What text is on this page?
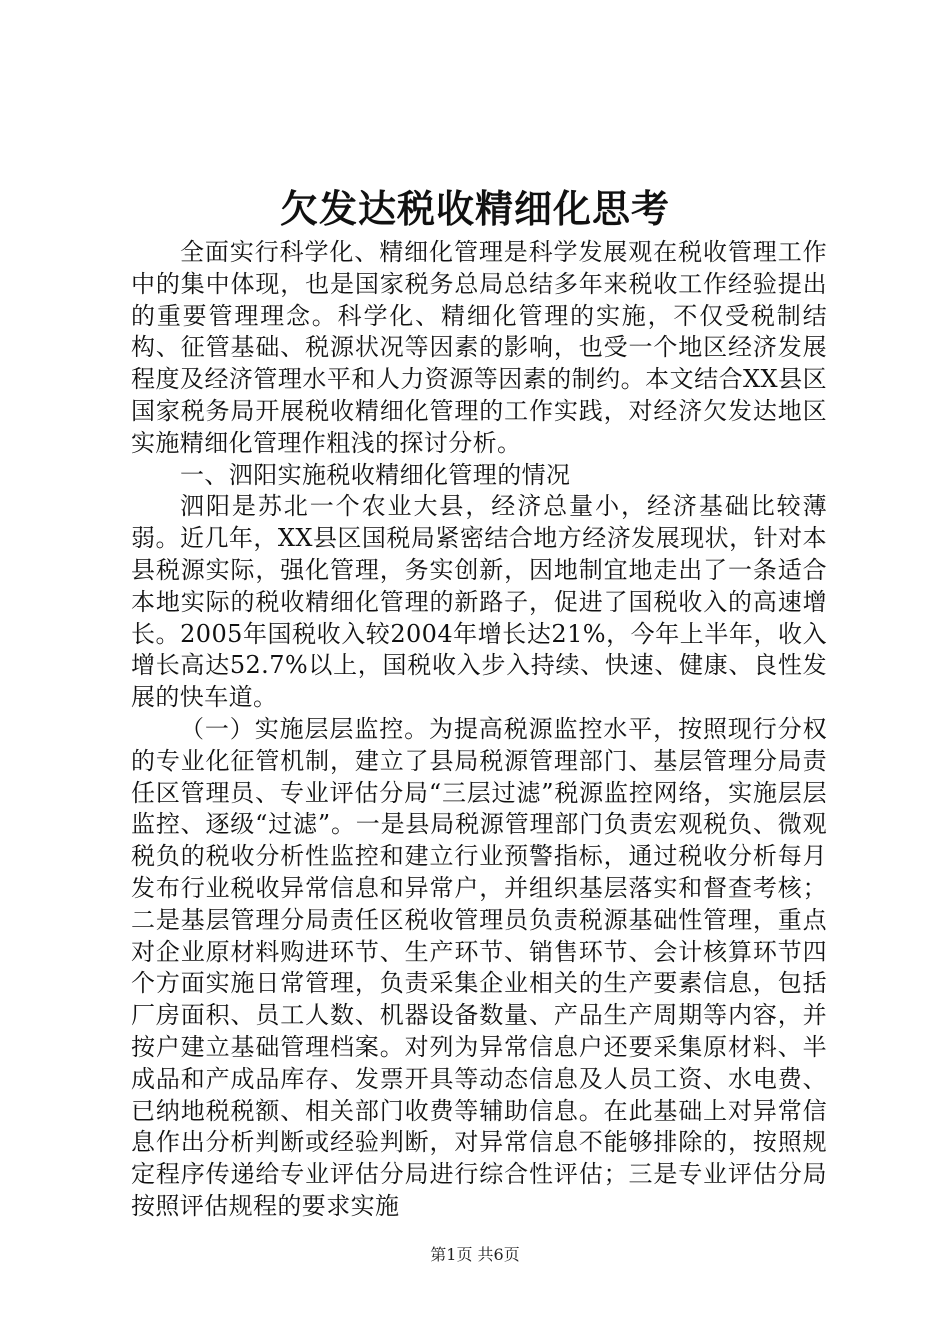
欠发达税收精细化思考

全面实行科学化、精细化管理是科学发展观在税收管理工作中的集中体现，也是国家税务总局总结多年来税收工作经验提出的重要管理理念。科学化、精细化管理的实施，不仅受税制结构、征管基础、税源状况等因素的影响，也受一个地区经济发展程度及经济管理水平和人力资源等因素的制约。本文结合XX县区国家税务局开展税收精细化管理的工作实践，对经济欠发达地区实施精细化管理作粗浅的探讨分析。

一、泗阳实施税收精细化管理的情况

泗阳是苏北一个农业大县，经济总量小，经济基础比较薄弱。近几年，XX县区国税局紧密结合地方经济发展现状，针对本县税源实际，强化管理，务实创新，因地制宜地走出了一条适合本地实际的税收精细化管理的新路子，促进了国税收入的高速增长。2005年国税收入较2004年增长达21%，今年上半年，收入增长高达52.7%以上，国税收入步入持续、快速、健康、良性发展的快车道。

（一）实施层层监控。为提高税源监控水平，按照现行分权的专业化征管机制，建立了县局税源管理部门、基层管理分局责任区管理员、专业评估分局“三层过滤”税源监控网络，实施层层监控、逐级“过滤”。一是县局税源管理部门负责宏观税负、微观税负的税收分析性监控和建立行业预警指标，通过税收分析每月发布行业税收异常信息和异常户，并组织基层落实和督查考核；二是基层管理分局责任区税收管理员负责税源基础性管理，重点对企业原材料购进环节、生产环节、销售环节、会计核算环节四个方面实施日常管理，负责采集企业相关的生产要素信息，包括厂房面积、员工人数、机器设备数量、产品生产周期等内容，并按户建立基础管理档案。对列为异常信息户还要采集原材料、半成品和产成品库存、发票开具等动态信息及人员工资、水电费、已纳地税税额、相关部门收费等辅助信息。在此基础上对异常信息作出分析判断或经验判断，对异常信息不能够排除的，按照规定程序传递给专业评估分局进行综合性评估；三是专业评估分局按照评估规程的要求实施

第1页 共6页
